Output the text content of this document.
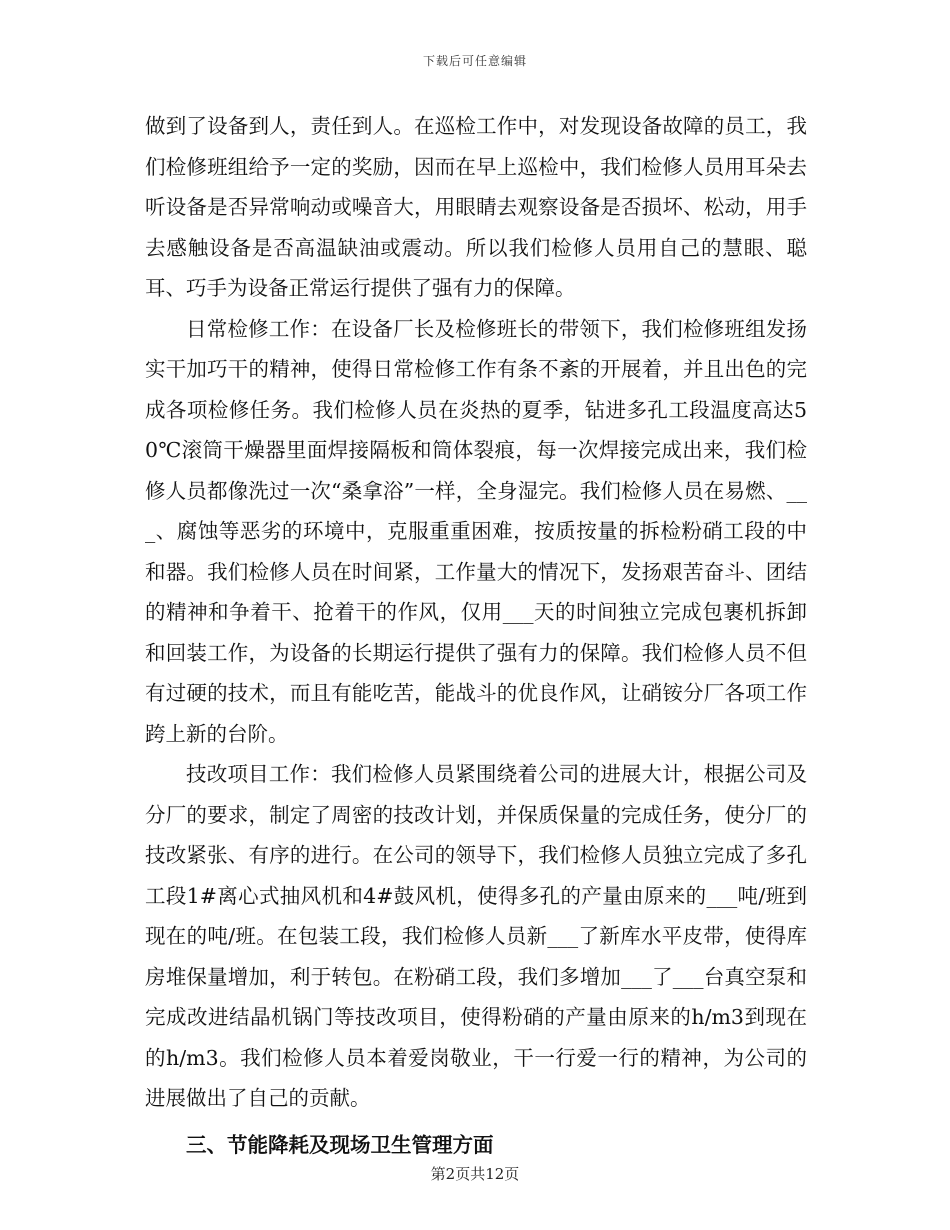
下载后可任意编辑

做到了设备到人，责任到人。在巡检工作中，对发现设备故障的员工，我们检修班组给予一定的奖励，因而在早上巡检中，我们检修人员用耳朵去听设备是否异常响动或噪音大，用眼睛去观察设备是否损坏、松动，用手去感触设备是否高温缺油或震动。所以我们检修人员用自己的慧眼、聪耳、巧手为设备正常运行提供了强有力的保障。

日常检修工作：在设备厂长及检修班长的带领下，我们检修班组发扬实干加巧干的精神，使得日常检修工作有条不紊的开展着，并且出色的完成各项检修任务。我们检修人员在炎热的夏季，钻进多孔工段温度高达50℃滚筒干燥器里面焊接隔板和筒体裂痕，每一次焊接完成出来，我们检修人员都像洗过一次“桑拿浴”一样，全身湿完。我们检修人员在易燃、___、腐蚀等恶劣的环境中，克服重重困难，按质按量的拆检粉硝工段的中和器。我们检修人员在时间紧，工作量大的情况下，发扬艰苦奋斗、团结的精神和争着干、抢着干的作风，仅用___天的时间独立完成包裹机拆卸和回装工作，为设备的长期运行提供了强有力的保障。我们检修人员不但有过硬的技术，而且有能吃苦，能战斗的优良作风，让硝铵分厂各项工作跨上新的台阶。

技改项目工作：我们检修人员紧围绕着公司的进展大计，根据公司及分厂的要求，制定了周密的技改计划，并保质保量的完成任务，使分厂的技改紧张、有序的进行。在公司的领导下，我们检修人员独立完成了多孔工段1#离心式抽风机和4#鼓风机，使得多孔的产量由原来的___吨/班到现在的吨/班。在包装工段，我们检修人员新___了新库水平皮带，使得库房堆保量增加，利于转包。在粉硝工段，我们多增加___了___台真空泵和完成改进结晶机锅门等技改项目，使得粉硝的产量由原来的h/m3到现在的h/m3。我们检修人员本着爱岗敬业，干一行爱一行的精神，为公司的进展做出了自己的贡献。

三、节能降耗及现场卫生管理方面

第2页共12页
